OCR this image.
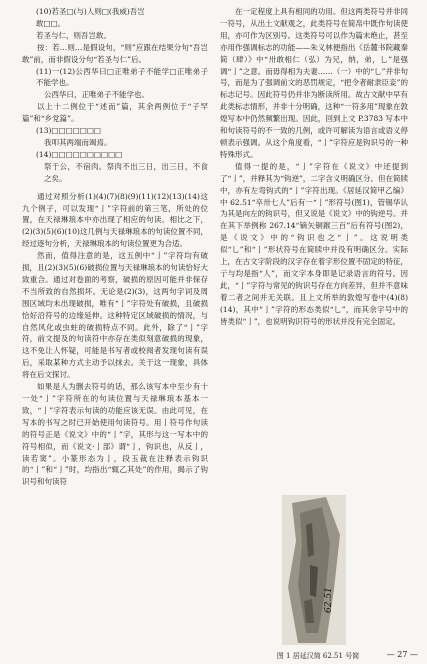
(10)若圣□(与)人则□(我威)吾岂

敢□□。

若圣与仁，则吾岂敢。

按：若…则…是假设句，“则”应跟在结果分句“吾岂敢”前，而非假设分句“若圣与仁”后。

(11)一(12)公西华曰□正唯弟子不能学□正唯弟子不能学也。

公西华曰，正唯弟子不能学也。

以上十二例位于“述而”篇，其余两例位于“子罕篇”和“乡党篇”。

(13)□□□□□□□

我叩其两端而竭焉。

(14)□□□□□□□□□□

祭于公，不宿肉。祭肉不出三日，出三日，不食之矣。

通过对照分析(1)(4)(7)(8)(9)(11)(12)(13)(14)这九个例子，可以发现“亅”字符前的第三笔，所处的位置，在天禄琳琅本中亦出现了相应的句读。相比之下，(2)(3)(5)(6)(10)这几例与天禄琳琅本的句读位置不同，经过逐句分析，天禄琳琅本的句读位置更为合适。

然而，值得注意的是，这五例中“亅”字符均有破损，且(2)(3)(5)(6)破损位置与天禄琳琅本的句读恰好大致重合。通过对卷面的考察，破损的原因可能并非保存不当所致的自然损坏。无论是(2)(3)，这两句字词及周围区域均未出现破损，唯有“亅”字符处有破损，且破损恰好沿符号的边缘延伸。这种特定区域破损的情况，与自然风化或虫蛀的破损特点不同。此外，除了“亅”字符，前文提及的句读符中亦存在类似刻意破损的现象，这不免让人怀疑，可能是书写者或校阅者发现句读有误后，采取某种方式主动予以抹去。关于这一现象，具体将在后文探讨。

如果是人为删去符号的话，那么该写本中至少有十一处“亅”字符所在的句读位置与天禄琳琅本基本一致，“亅”字符表示句读的功能应该无误。由此可见，在写本的书写之时已开始使用句读符号。用亅符号作句读的符号正是《说文》中的“亅”字，其形与这一写本中的符号相似，而《说文·亅部》谓“亅，钩识也，从反亅，读若窦”。小篆形态为亅，段玉裁在注释表示钩识的“亅”和“亅”时，均指出“辄乙其处”的作用，揭示了钩识号和句读符

在一定程度上具有相同的功用。但这两类符号并非同一符号，从出土文献观之，此类符号在简帛中既作句读使用，亦可作为区别号。这类符号可以作为篇末绝止，甚至亦用作强调标志的功能——朱义林便指出《岳麓书院藏秦简（肆）》中“卅敢相仁（弘）为兄，纳，弟，乚”是强调“亅”之意。而毋得相为夫妻……（一）中的“乚”并非句号，而是为了强调前文的恶罚规定，“把令者耐隶臣妾”的标志记号。因此符号仍并非为断读所用。故古文献中早有此类标志情形，并非十分明确，这种“一符多用”现象在敦煌写本中仍然频繁出现。因此，回到上文 P.3783 写本中和句读符号的不一致的几例，或许可解读为语言或语义停顿表示强调。从这个角度看，“亅”字符应是钩识号的一种特殊形式。

值得一提的是，“亅”字符在《说文》中还提到了“亅”，并释其为“钩逆”，二字含义明确区分。但在简牍中，亦有左弯钩式的“亅”字符出现。《居延汉简甲乙编》中 62.51“卒卅七人”后有一“亅”形符号(图1)，管锡华认为其是向左的钩识号，但又说是《说文》中的钩逆号。并在其下举例称 267.14“镝矢铜鍭三百”后有符号(图2)，是《说文》中的“钩识也之“亅”。这说明类似“乚”和“亅”形状符号在简牍中并没有明确区分。实际上，在古文字阶段的汉字存在着字形位置不固定的特征，亍与均是指“人”，而文字本身即是记录语言的符号。因此，“亅”字符与常见的钩识号存在方向差异，但并不意味着二者之间并无关联。且上文所举的敦煌写卷中(4)(8)(14)，其中“亅”字符的形态类似“乚”，而其余字号中的皆类似“亅”，也说明钩识符号的形状并没有完全固定。

62.51
图 1 居延汉简 62.51 号简	— 27 —
